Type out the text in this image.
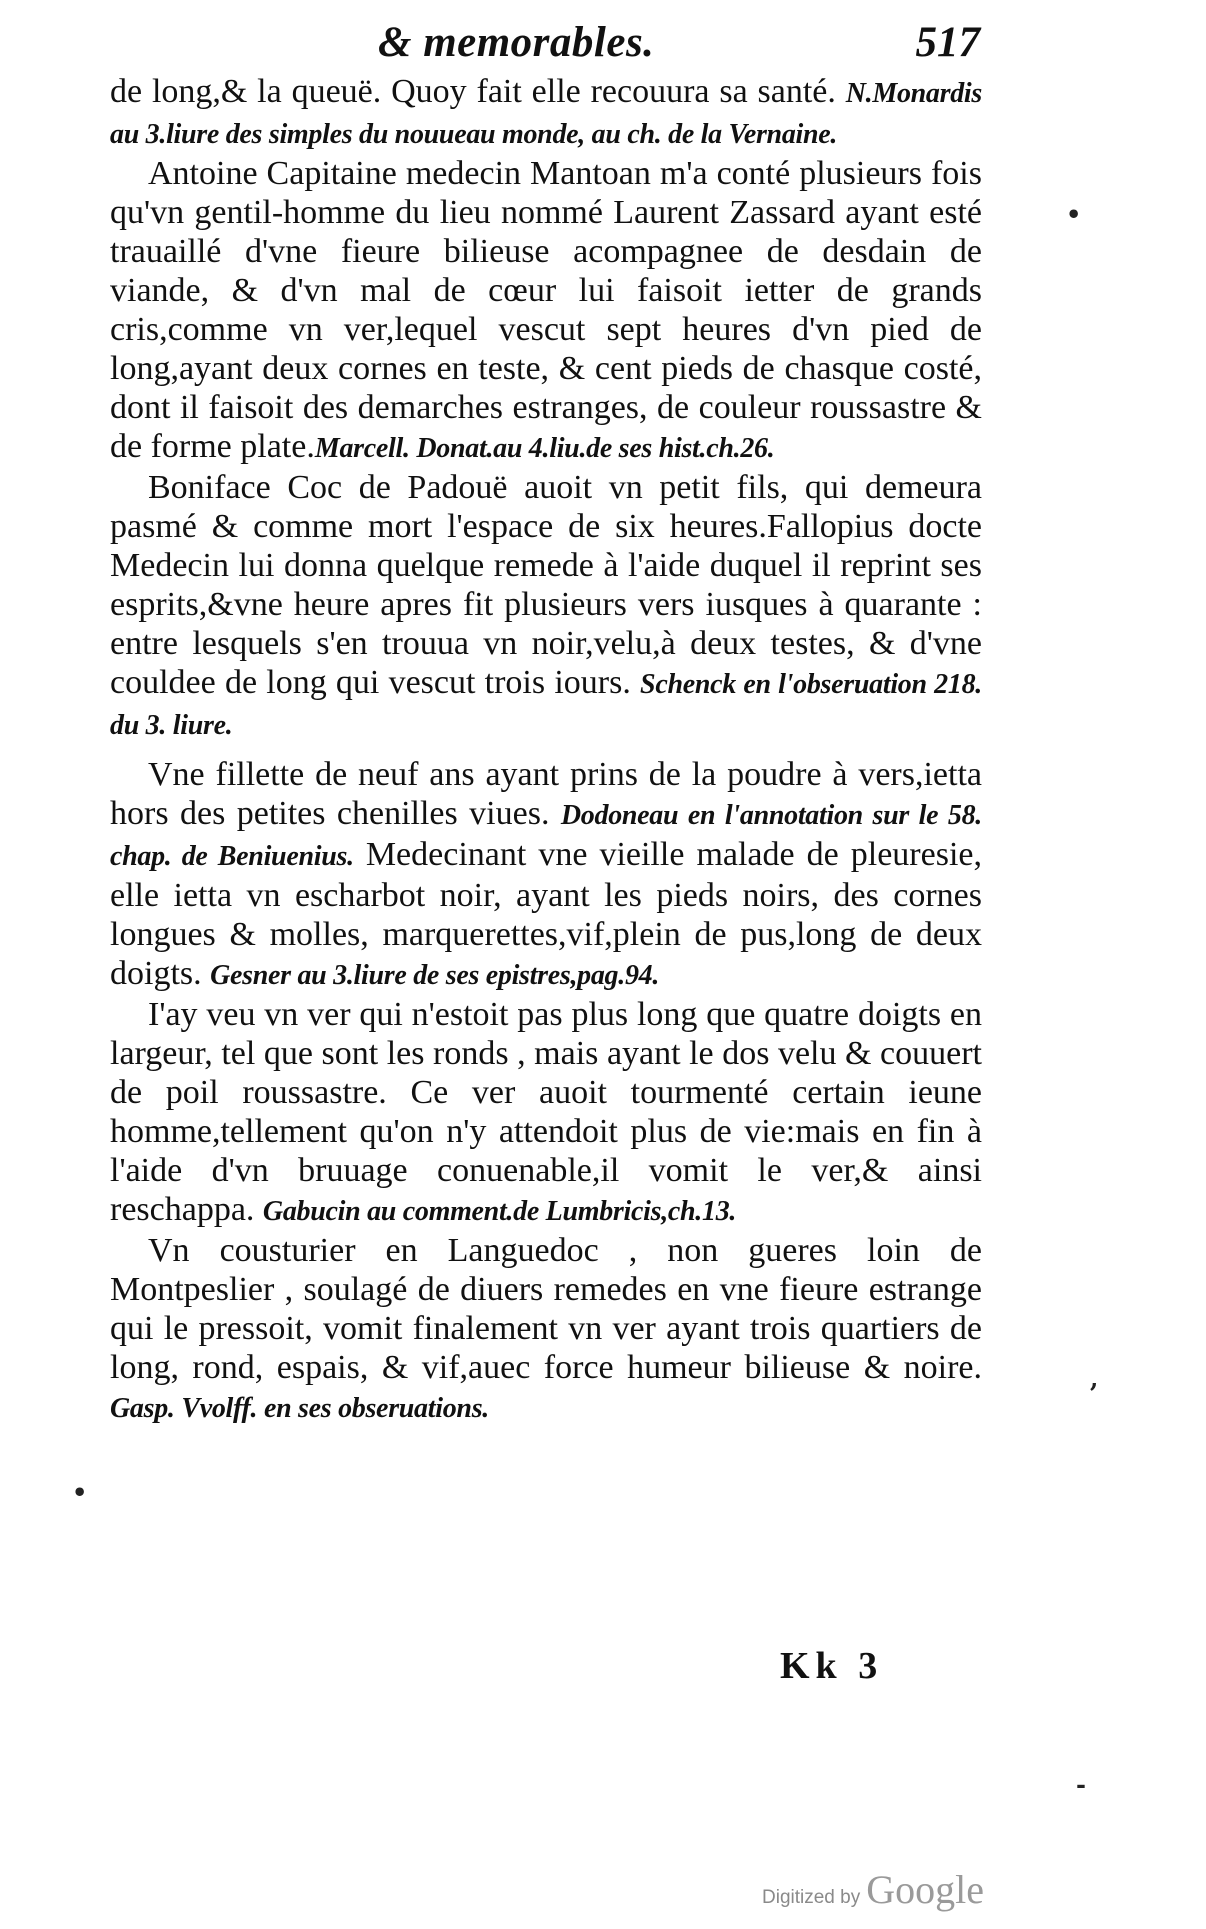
& memorables.	517

de long,& la queuë. Quoy fait elle recouura sa santé. N.Monardis au 3.liure des simples du nouueau monde, au ch. de la Vernaine.

Antoine Capitaine medecin Mantoan m'a conté plusieurs fois qu'vn gentil-homme du lieu nommé Laurent Zassard ayant esté trauaillé d'vne fieure bilieuse acompagnee de desdain de viande, & d'vn mal de cœur lui faisoit ietter de grands cris,comme vn ver,lequel vescut sept heures d'vn pied de long,ayant deux cornes en teste, & cent pieds de chasque costé, dont il faisoit des demarches estranges, de couleur roussastre & de forme plate.Marcell. Donat.au 4.liu.de ses hist.ch.26.

Boniface Coc de Padouë auoit vn petit fils, qui demeura pasmé & comme mort l'espace de six heures.Fallopius docte Medecin lui donna quelque remede à l'aide duquel il reprint ses esprits,&vne heure apres fit plusieurs vers iusques à quarante : entre lesquels s'en trouua vn noir,velu,à deux testes, & d'vne couldee de long qui vescut trois iours. Schenck en l'obseruation 218. du 3. liure.

Vne fillette de neuf ans ayant prins de la poudre à vers,ietta hors des petites chenilles viues. Dodoneau en l'annotation sur le 58. chap. de Beniuenius. Medecinant vne vieille malade de pleuresie, elle ietta vn escharbot noir, ayant les pieds noirs, des cornes longues & molles, marquerettes,vif,plein de pus,long de deux doigts. Gesner au 3.liure de ses epistres,pag.94.

I'ay veu vn ver qui n'estoit pas plus long que quatre doigts en largeur, tel que sont les ronds , mais ayant le dos velu & couuert de poil roussastre. Ce ver auoit tourmenté certain ieune homme,tellement qu'on n'y attendoit plus de vie:mais en fin à l'aide d'vn bruuage conuenable,il vomit le ver,& ainsi reschappa. Gabucin au comment.de Lumbricis,ch.13.

Vn cousturier en Languedoc , non gueres loin de Montpeslier , soulagé de diuers remedes en vne fieure estrange qui le pressoit, vomit finalement vn ver ayant trois quartiers de long, rond, espais, & vif,auec force humeur bilieuse & noire. Gasp. Vvolff. en ses obseruations.

Kk 3
•
,
•
-
Digitized by Google
